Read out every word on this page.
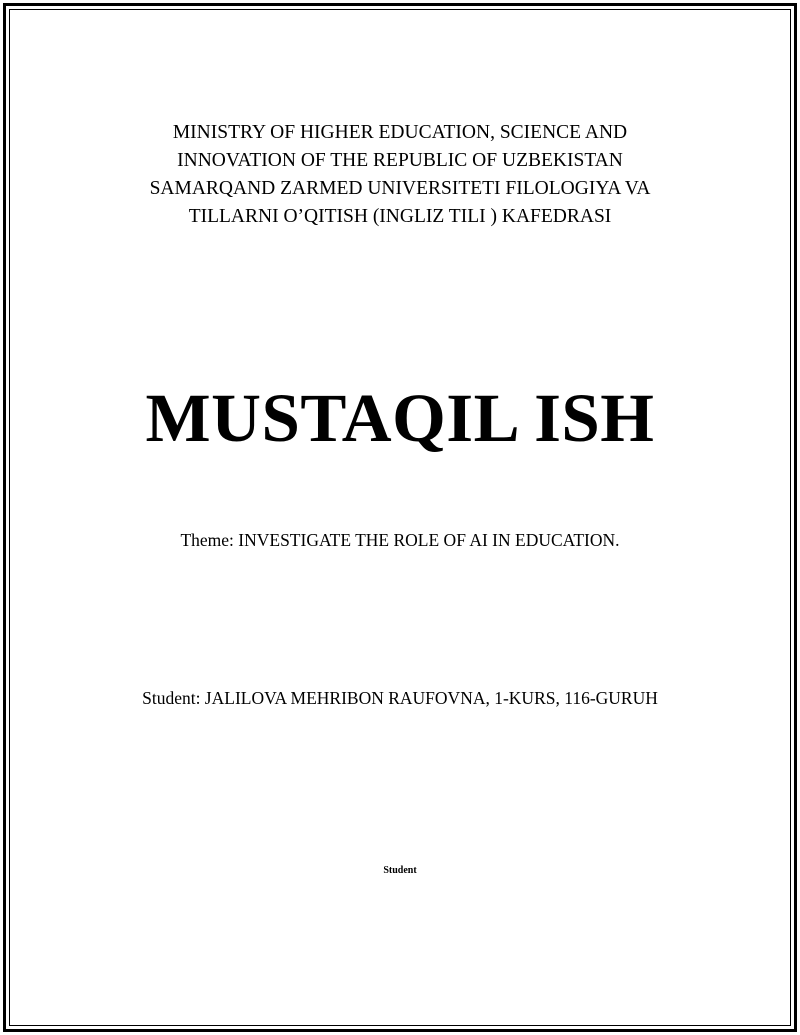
MINISTRY OF HIGHER EDUCATION, SCIENCE AND
INNOVATION OF THE REPUBLIC OF UZBEKISTAN
SAMARQAND ZARMED UNIVERSITETI FILOLOGIYA VA
TILLARNI O’QITISH (INGLIZ TILI ) KAFEDRASI
MUSTAQIL ISH
Theme: INVESTIGATE THE ROLE OF AI IN EDUCATION.
Student: JALILOVA MEHRIBON RAUFOVNA, 1-KURS, 116-GURUH
Student
